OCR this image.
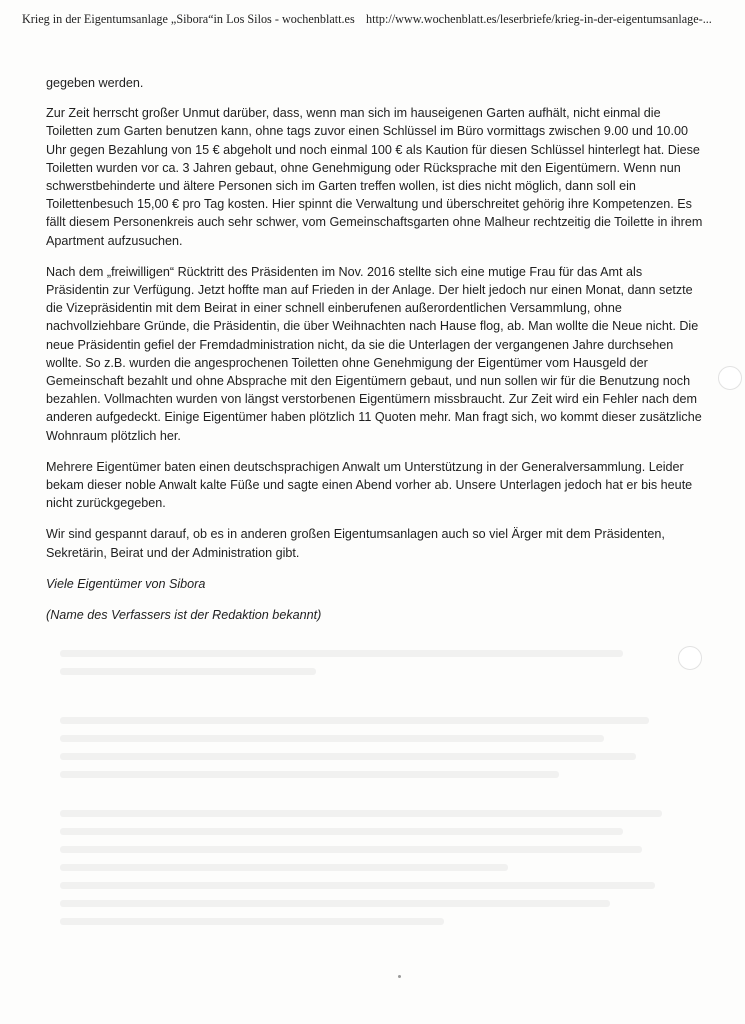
Krieg in der Eigentumsanlage „Sibora“in Los Silos - wochenblatt.es http://www.wochenblatt.es/leserbriefe/krieg-in-der-eigentumsanlage-...

gegeben werden.

Zur Zeit herrscht großer Unmut darüber, dass, wenn man sich im hauseigenen Garten aufhält, nicht einmal die Toiletten zum Garten benutzen kann, ohne tags zuvor einen Schlüssel im Büro vormittags zwischen 9.00 und 10.00 Uhr gegen Bezahlung von 15 € abgeholt und noch einmal 100 € als Kaution für diesen Schlüssel hinterlegt hat. Diese Toiletten wurden vor ca. 3 Jahren gebaut, ohne Genehmigung oder Rücksprache mit den Eigentümern. Wenn nun schwerstbehinderte und ältere Personen sich im Garten treffen wollen, ist dies nicht möglich, dann soll ein Toilettenbesuch 15,00 € pro Tag kosten. Hier spinnt die Verwaltung und überschreitet gehörig ihre Kompetenzen. Es fällt diesem Personenkreis auch sehr schwer, vom Gemeinschaftsgarten ohne Malheur rechtzeitig die Toilette in ihrem Apartment aufzusuchen.

Nach dem „freiwilligen“ Rücktritt des Präsidenten im Nov. 2016 stellte sich eine mutige Frau für das Amt als Präsidentin zur Verfügung. Jetzt hoffte man auf Frieden in der Anlage. Der hielt jedoch nur einen Monat, dann setzte die Vizepräsidentin mit dem Beirat in einer schnell einberufenen außerordentlichen Versammlung, ohne nachvollziehbare Gründe, die Präsidentin, die über Weihnachten nach Hause flog, ab. Man wollte die Neue nicht. Die neue Präsidentin gefiel der Fremdadministration nicht, da sie die Unterlagen der vergangenen Jahre durchsehen wollte. So z.B. wurden die angesprochenen Toiletten ohne Genehmigung der Eigentümer vom Hausgeld der Gemeinschaft bezahlt und ohne Absprache mit den Eigentümern gebaut, und nun sollen wir für die Benutzung noch bezahlen. Vollmachten wurden von längst verstorbenen Eigentümern missbraucht. Zur Zeit wird ein Fehler nach dem anderen aufgedeckt. Einige Eigentümer haben plötzlich 11 Quoten mehr. Man fragt sich, wo kommt dieser zusätzliche Wohnraum plötzlich her.

Mehrere Eigentümer baten einen deutschsprachigen Anwalt um Unterstützung in der Generalversammlung. Leider bekam dieser noble Anwalt kalte Füße und sagte einen Abend vorher ab. Unsere Unterlagen jedoch hat er bis heute nicht zurückgegeben.

Wir sind gespannt darauf, ob es in anderen großen Eigentumsanlagen auch so viel Ärger mit dem Präsidenten, Sekretärin, Beirat und der Administration gibt.

Viele Eigentümer von Sibora

(Name des Verfassers ist der Redaktion bekannt)
